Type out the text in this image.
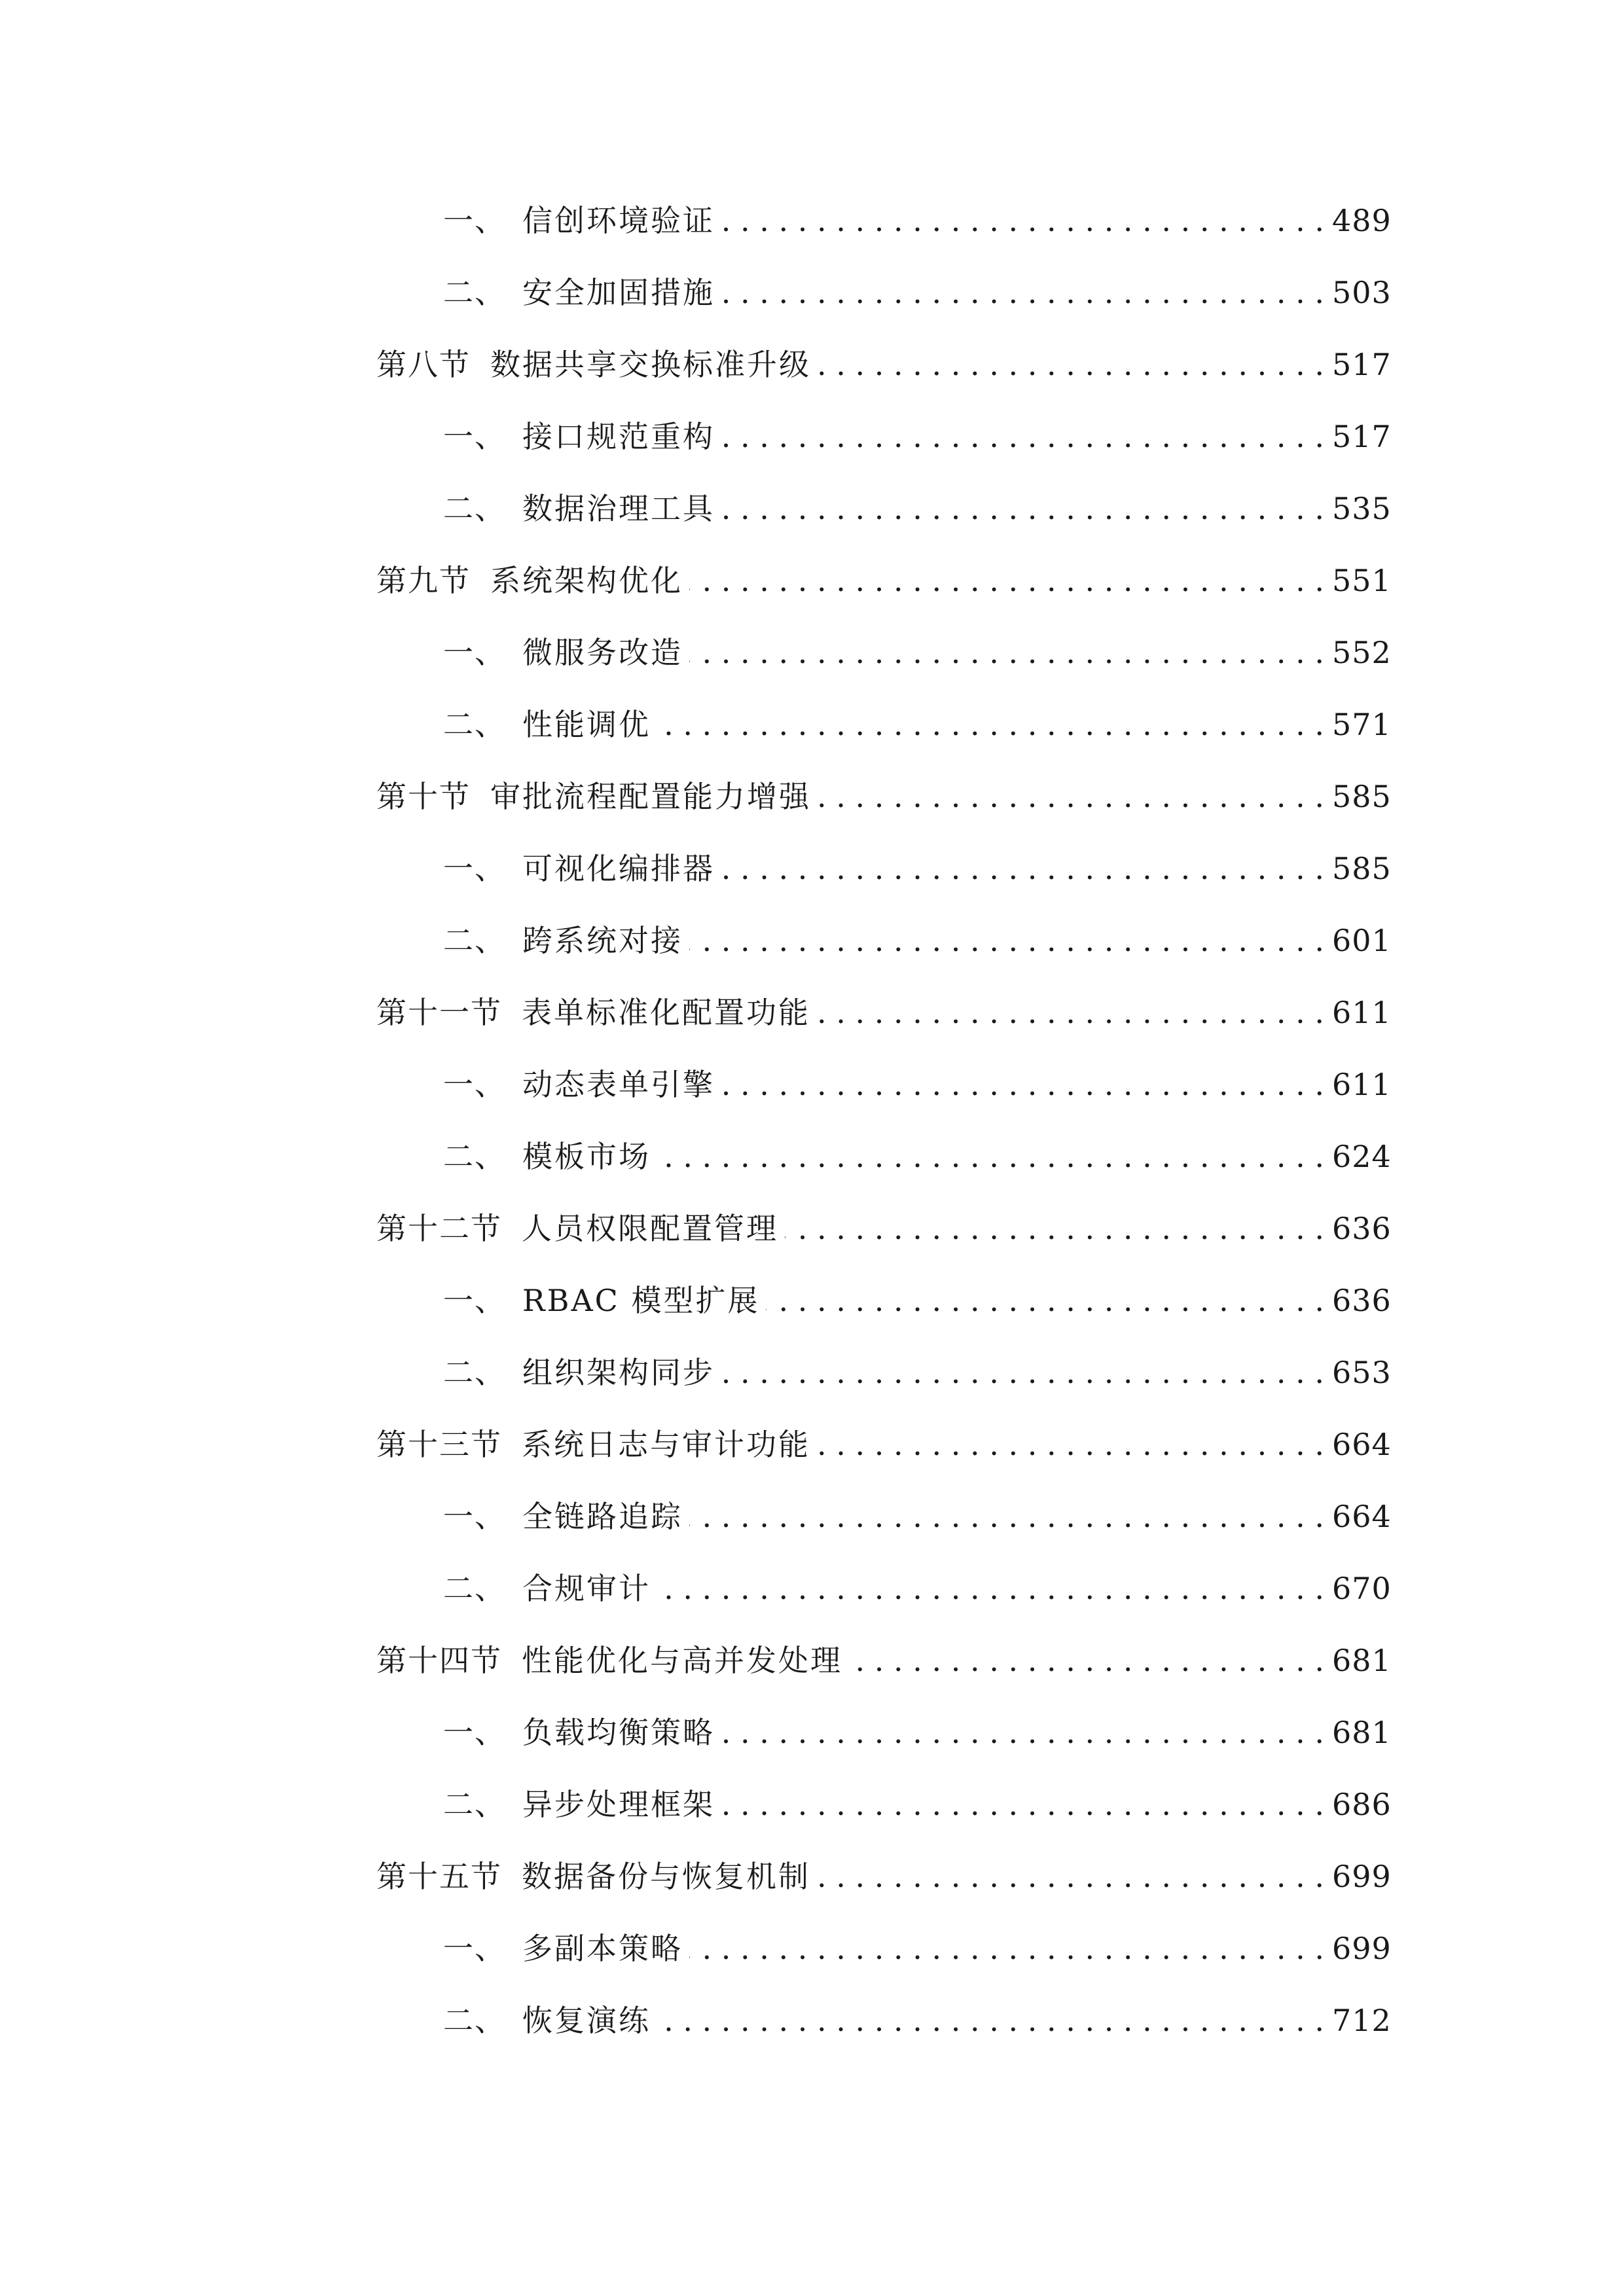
一、 信创环境验证 . . .	489
二、 安全加固措施 . . .	503
第八节 数据共享交换标准升级 . . .	517
一、 接口规范重构 . . .	517
二、 数据治理工具 . . .	535
第九节 系统架构优化 . . .	551
一、 微服务改造 . . .	552
二、 性能调优 . . .	571
第十节 审批流程配置能力增强 . . .	585
一、 可视化编排器 . . .	585
二、 跨系统对接 . . .	601
第十一节 表单标准化配置功能 . . .	611
一、 动态表单引擎 . . .	611
二、 模板市场 . . .	624
第十二节 人员权限配置管理 . . .	636
一、 RBAC 模型扩展 . . .	636
二、 组织架构同步 . . .	653
第十三节 系统日志与审计功能 . . .	664
一、 全链路追踪 . . .	664
二、 合规审计 . . .	670
第十四节 性能优化与高并发处理 . . .	681
一、 负载均衡策略 . . .	681
二、 异步处理框架 . . .	686
第十五节 数据备份与恢复机制 . . .	699
一、 多副本策略 . . .	699
二、 恢复演练 . . .	712
